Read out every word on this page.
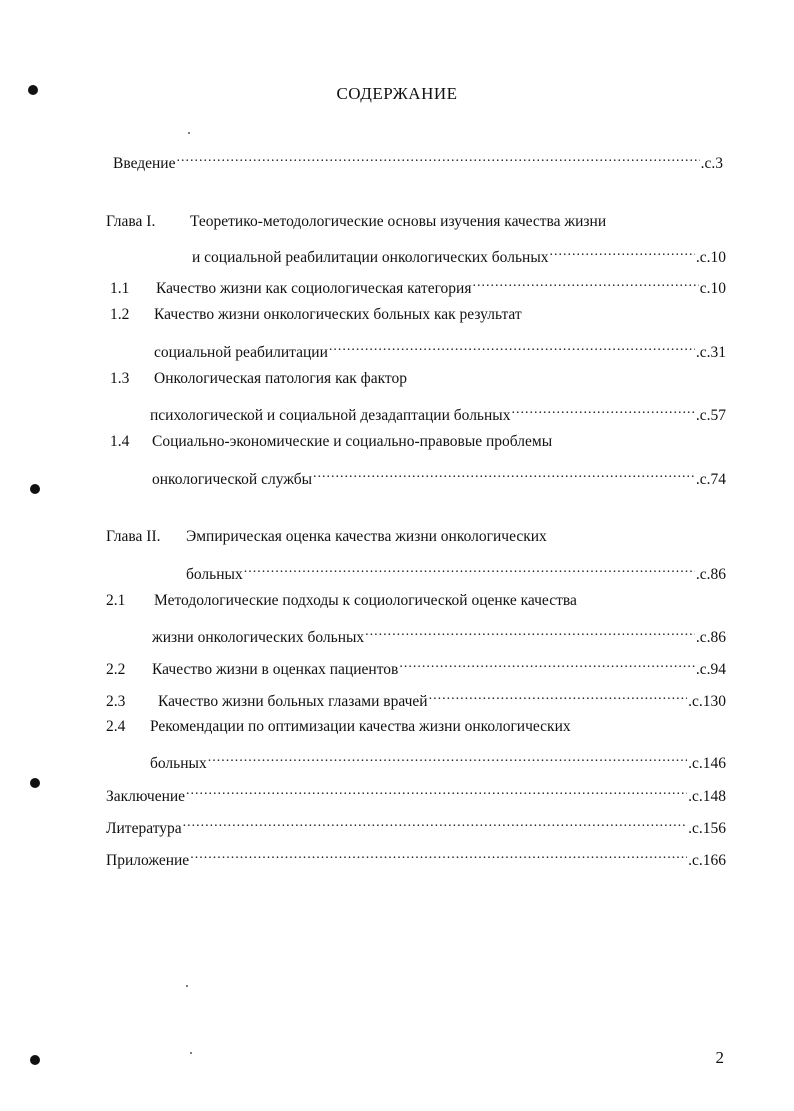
СОДЕРЖАНИЕ
Введение .....	.с.3
Глава I.	Теоретико-методологические основы изучения качества жизни
и социальной реабилитации онкологических больных .....	.с.10
1.1	Качество жизни как социологическая категория .....	с.10
1.2	Качество жизни онкологических больных как результат
социальной реабилитации .....	.с.31
1.3	Онкологическая патология как фактор
психологической и социальной дезадаптации больных .....	.с.57
1.4	Социально-экономические и социально-правовые проблемы
онкологической службы .....	.с.74
Глава II.	Эмпирическая оценка качества жизни онкологических
больных .....	.с.86
2.1	Методологические подходы к социологической оценке качества
жизни онкологических больных .....	.с.86
2.2	Качество жизни в оценках пациентов .....	.с.94
2.3	Качество жизни больных глазами врачей .....	.с.130
2.4	Рекомендации по оптимизации качества жизни онкологических
больных .....	.с.146
Заключение .....	.с.148
Литература .....	.с.156
Приложение .....	.с.166
2
